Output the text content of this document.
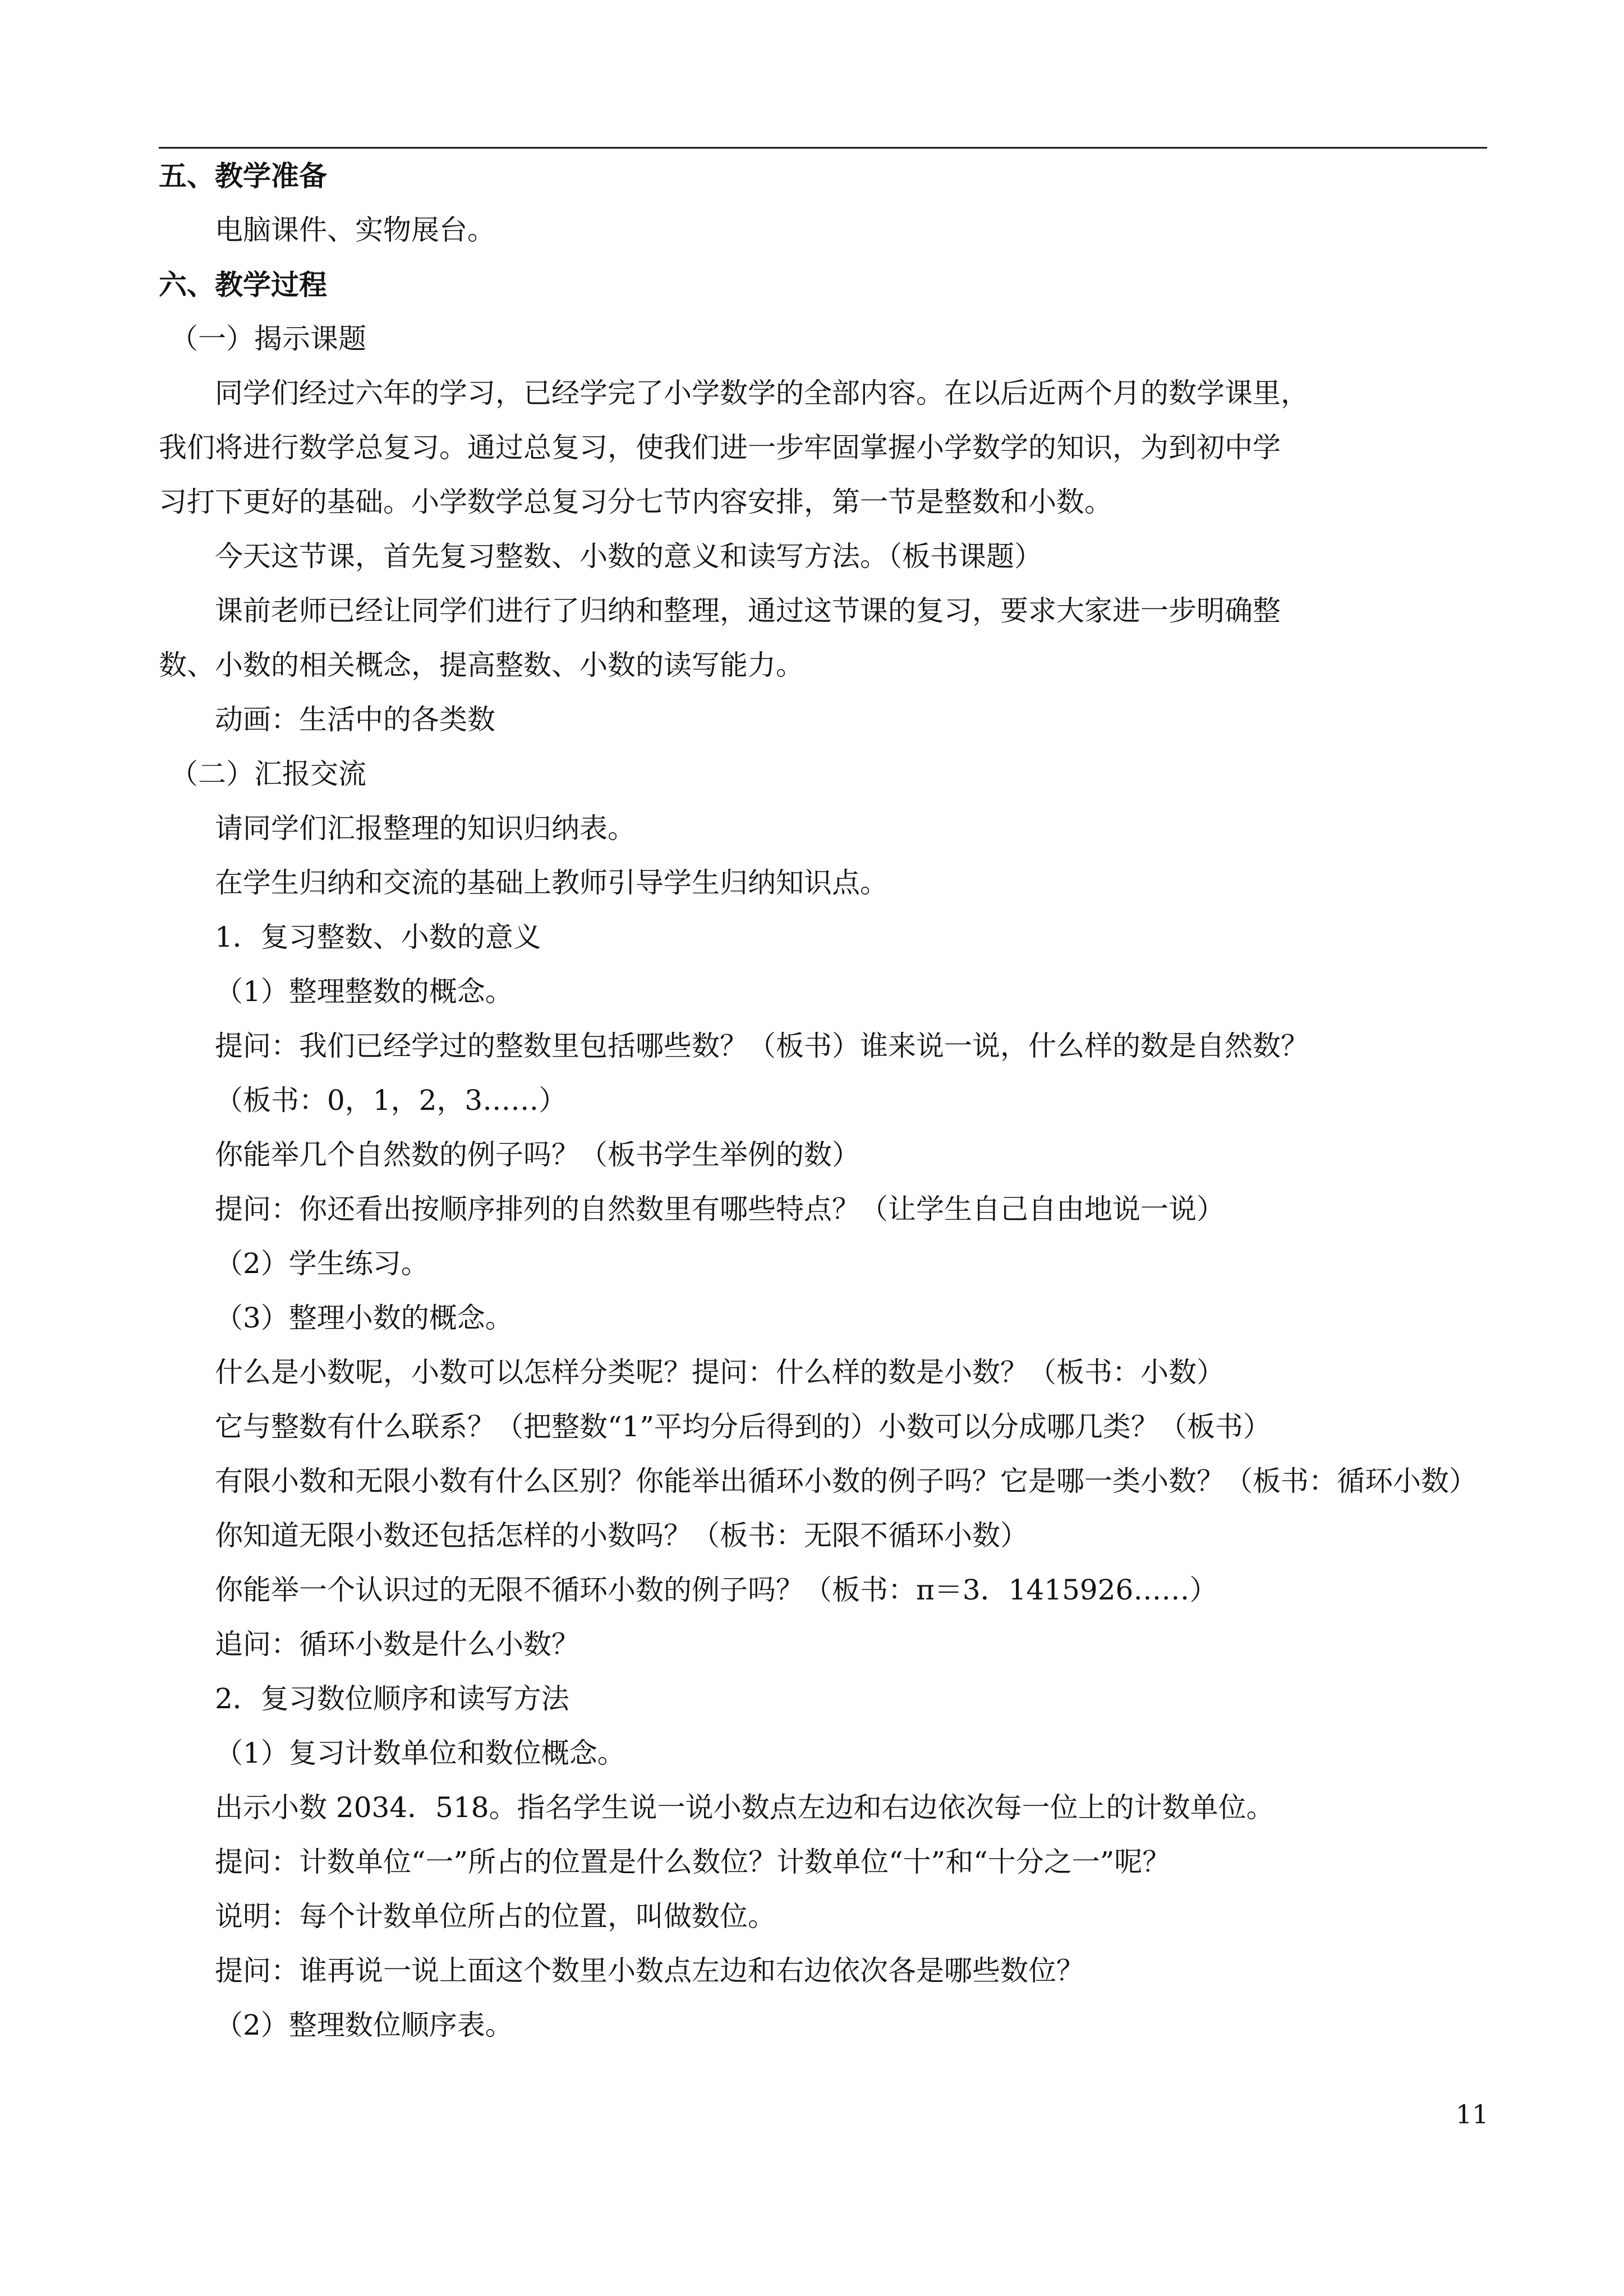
五、教学准备
电脑课件、实物展台。
六、教学过程
（一）揭示课题
同学们经过六年的学习，已经学完了小学数学的全部内容。在以后近两个月的数学课里，
我们将进行数学总复习。通过总复习，使我们进一步牢固掌握小学数学的知识，为到初中学
习打下更好的基础。小学数学总复习分七节内容安排，第一节是整数和小数。
今天这节课，首先复习整数、小数的意义和读写方法。（板书课题）
课前老师已经让同学们进行了归纳和整理，通过这节课的复习，要求大家进一步明确整
数、小数的相关概念，提高整数、小数的读写能力。
动画：生活中的各类数
（二）汇报交流
请同学们汇报整理的知识归纳表。
在学生归纳和交流的基础上教师引导学生归纳知识点。
1．复习整数、小数的意义
（1）整理整数的概念。
提问：我们已经学过的整数里包括哪些数？（板书）谁来说一说，什么样的数是自然数？
（板书：0，1，2，3……）
你能举几个自然数的例子吗？（板书学生举例的数）
提问：你还看出按顺序排列的自然数里有哪些特点？（让学生自己自由地说一说）
（2）学生练习。
（3）整理小数的概念。
什么是小数呢，小数可以怎样分类呢？提问：什么样的数是小数？（板书：小数）
它与整数有什么联系？（把整数“1”平均分后得到的）小数可以分成哪几类？（板书）
有限小数和无限小数有什么区别？你能举出循环小数的例子吗？它是哪一类小数？（板书：循环小数）
你知道无限小数还包括怎样的小数吗？（板书：无限不循环小数）
你能举一个认识过的无限不循环小数的例子吗？（板书：π＝3．1415926……）
追问：循环小数是什么小数？
2．复习数位顺序和读写方法
（1）复习计数单位和数位概念。
出示小数 2034．518。指名学生说一说小数点左边和右边依次每一位上的计数单位。
提问：计数单位“一”所占的位置是什么数位？计数单位“十”和“十分之一”呢？
说明：每个计数单位所占的位置，叫做数位。
提问：谁再说一说上面这个数里小数点左边和右边依次各是哪些数位？
（2）整理数位顺序表。
11
